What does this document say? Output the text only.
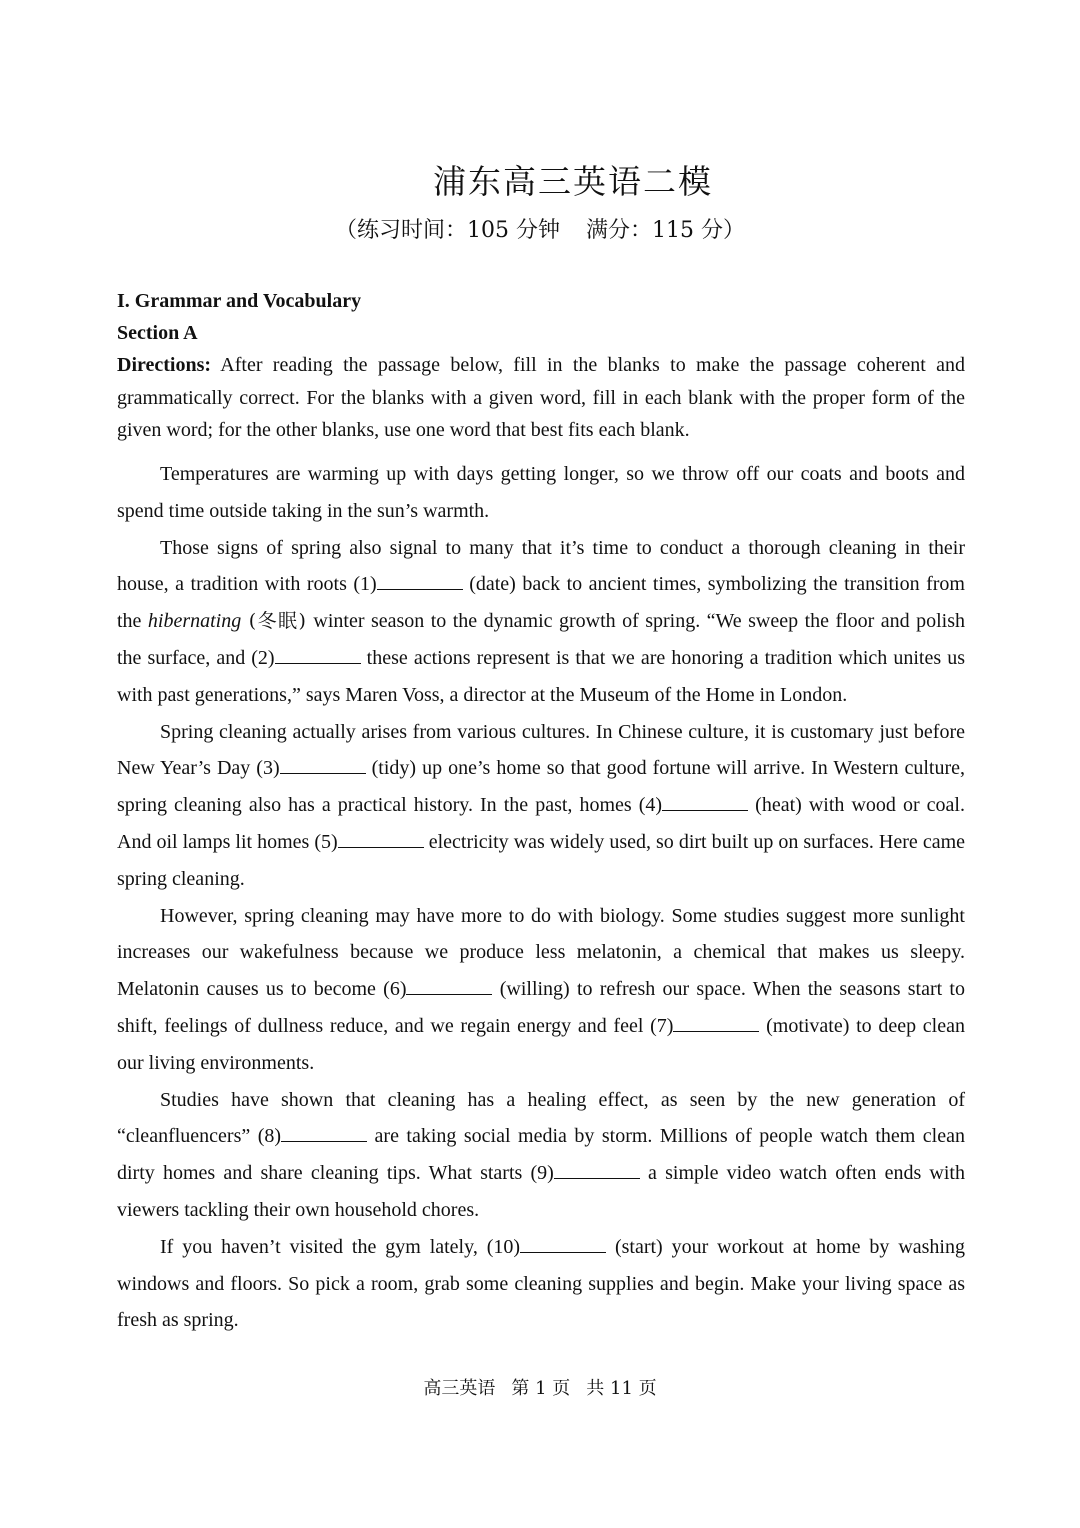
浦东高三英语二模
（练习时间：105 分钟 满分：115 分）
I. Grammar and Vocabulary
Section A
Directions: After reading the passage below, fill in the blanks to make the passage coherent and grammatically correct. For the blanks with a given word, fill in each blank with the proper form of the given word; for the other blanks, use one word that best fits each blank.

Temperatures are warming up with days getting longer, so we throw off our coats and boots and spend time outside taking in the sun’s warmth.

Those signs of spring also signal to many that it’s time to conduct a thorough cleaning in their house, a tradition with roots (1)	(date) back to ancient times, symbolizing the transition from the hibernating (冬眠) winter season to the dynamic growth of spring. “We sweep the floor and polish the surface, and (2)	these actions represent is that we are honoring a tradition which unites us with past generations,” says Maren Voss, a director at the Museum of the Home in London.

Spring cleaning actually arises from various cultures. In Chinese culture, it is customary just before New Year’s Day (3)	(tidy) up one’s home so that good fortune will arrive. In Western culture, spring cleaning also has a practical history. In the past, homes (4)	(heat) with wood or coal. And oil lamps lit homes (5)	electricity was widely used, so dirt built up on surfaces. Here came spring cleaning.

However, spring cleaning may have more to do with biology. Some studies suggest more sunlight increases our wakefulness because we produce less melatonin, a chemical that makes us sleepy. Melatonin causes us to become (6)	(willing) to refresh our space. When the seasons start to shift, feelings of dullness reduce, and we regain energy and feel (7)	(motivate) to deep clean our living environments.

Studies have shown that cleaning has a healing effect, as seen by the new generation of “cleanfluencers” (8)	are taking social media by storm. Millions of people watch them clean dirty homes and share cleaning tips. What starts (9)	a simple video watch often ends with viewers tackling their own household chores.

If you haven’t visited the gym lately, (10)	(start) your workout at home by washing windows and floors. So pick a room, grab some cleaning supplies and begin. Make your living space as fresh as spring.

高三英语 第 1 页 共 11 页
